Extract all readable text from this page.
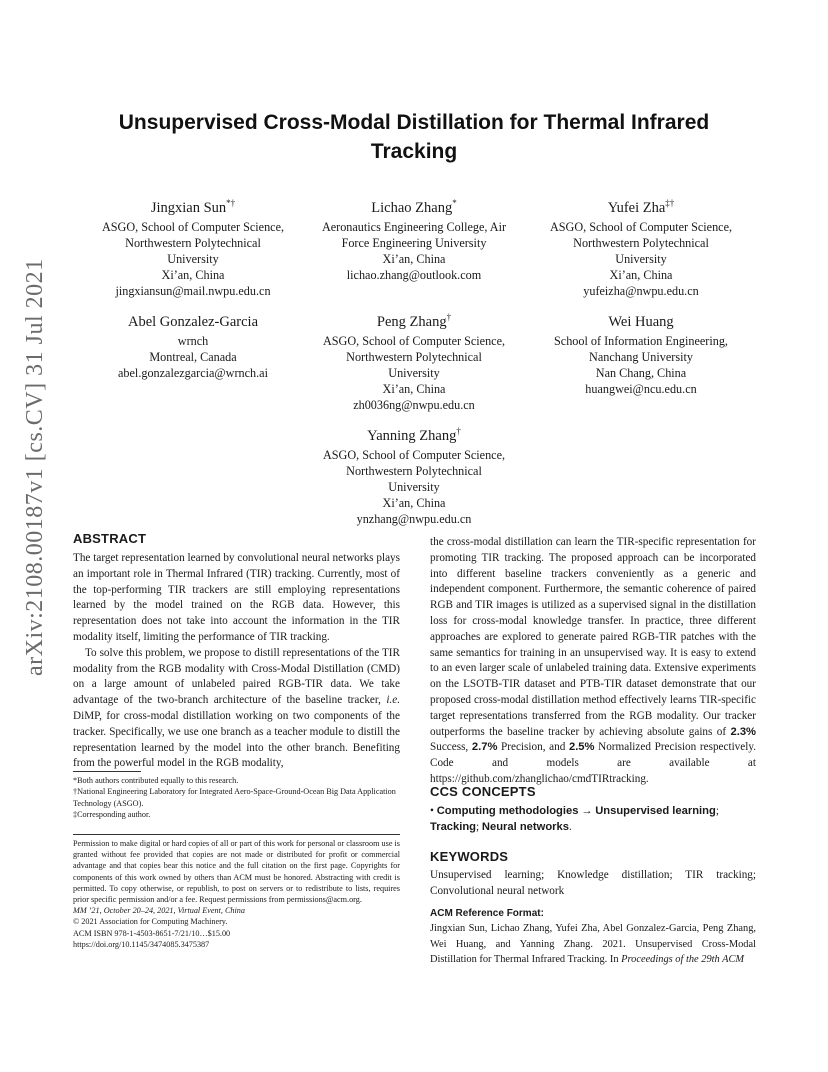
arXiv:2108.00187v1 [cs.CV] 31 Jul 2021
Unsupervised Cross-Modal Distillation for Thermal Infrared Tracking
Jingxian Sun*†
ASGO, School of Computer Science,
Northwestern Polytechnical
University
Xi’an, China
jingxiansun@mail.nwpu.edu.cn
Lichao Zhang*
Aeronautics Engineering College, Air
Force Engineering University
Xi’an, China
lichao.zhang@outlook.com
Yufei Zha‡†
ASGO, School of Computer Science,
Northwestern Polytechnical
University
Xi’an, China
yufeizha@nwpu.edu.cn
Abel Gonzalez-Garcia
wrnch
Montreal, Canada
abel.gonzalezgarcia@wrnch.ai
Peng Zhang†
ASGO, School of Computer Science,
Northwestern Polytechnical
University
Xi’an, China
zh0036ng@nwpu.edu.cn
Wei Huang
School of Information Engineering,
Nanchang University
Nan Chang, China
huangwei@ncu.edu.cn
Yanning Zhang†
ASGO, School of Computer Science,
Northwestern Polytechnical
University
Xi’an, China
ynzhang@nwpu.edu.cn
ABSTRACT

The target representation learned by convolutional neural networks plays an important role in Thermal Infrared (TIR) tracking. Currently, most of the top-performing TIR trackers are still employing representations learned by the model trained on the RGB data. However, this representation does not take into account the information in the TIR modality itself, limiting the performance of TIR tracking.

To solve this problem, we propose to distill representations of the TIR modality from the RGB modality with Cross-Modal Distillation (CMD) on a large amount of unlabeled paired RGB-TIR data. We take advantage of the two-branch architecture of the baseline tracker, i.e. DiMP, for cross-modal distillation working on two components of the tracker. Specifically, we use one branch as a teacher module to distill the representation learned by the model into the other branch. Benefiting from the powerful model in the RGB modality,

*Both authors contributed equally to this research.

†National Engineering Laboratory for Integrated Aero-Space-Ground-Ocean Big Data Application Technology (ASGO).

‡Corresponding author.

Permission to make digital or hard copies of all or part of this work for personal or classroom use is granted without fee provided that copies are not made or distributed for profit or commercial advantage and that copies bear this notice and the full citation on the first page. Copyrights for components of this work owned by others than ACM must be honored. Abstracting with credit is permitted. To copy otherwise, or republish, to post on servers or to redistribute to lists, requires prior specific permission and/or a fee. Request permissions from permissions@acm.org.

MM ’21, October 20–24, 2021, Virtual Event, China

© 2021 Association for Computing Machinery.

ACM ISBN 978-1-4503-8651-7/21/10…$15.00

https://doi.org/10.1145/3474085.3475387

the cross-modal distillation can learn the TIR-specific representation for promoting TIR tracking. The proposed approach can be incorporated into different baseline trackers conveniently as a generic and independent component. Furthermore, the semantic coherence of paired RGB and TIR images is utilized as a supervised signal in the distillation loss for cross-modal knowledge transfer. In practice, three different approaches are explored to generate paired RGB-TIR patches with the same semantics for training in an unsupervised way. It is easy to extend to an even larger scale of unlabeled training data. Extensive experiments on the LSOTB-TIR dataset and PTB-TIR dataset demonstrate that our proposed cross-modal distillation method effectively learns TIR-specific target representations transferred from the RGB modality. Our tracker outperforms the baseline tracker by achieving absolute gains of 2.3% Success, 2.7% Precision, and 2.5% Normalized Precision respectively. Code and models are available at https://github.com/zhanglichao/cmdTIRtracking.

CCS CONCEPTS
• Computing methodologies → Unsupervised learning; Tracking; Neural networks.
KEYWORDS
Unsupervised learning; Knowledge distillation; TIR tracking; Convolutional neural network
ACM Reference Format:
Jingxian Sun, Lichao Zhang, Yufei Zha, Abel Gonzalez-Garcia, Peng Zhang, Wei Huang, and Yanning Zhang. 2021. Unsupervised Cross-Modal Distillation for Thermal Infrared Tracking. In Proceedings of the 29th ACM
